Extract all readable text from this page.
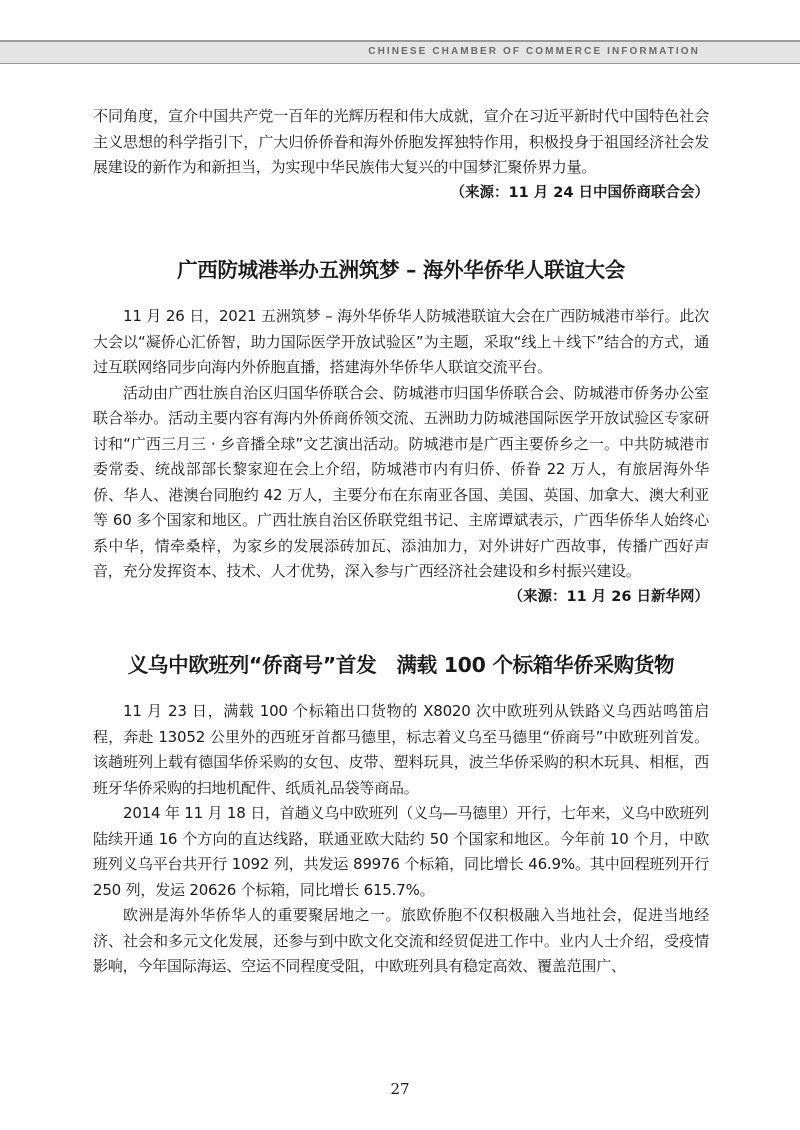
CHINESE CHAMBER OF COMMERCE INFORMATION

不同角度，宣介中国共产党一百年的光辉历程和伟大成就，宣介在习近平新时代中国特色社会主义思想的科学指引下，广大归侨侨眷和海外侨胞发挥独特作用，积极投身于祖国经济社会发展建设的新作为和新担当，为实现中华民族伟大复兴的中国梦汇聚侨界力量。

（来源：11 月 24 日中国侨商联合会）

广西防城港举办五洲筑梦 – 海外华侨华人联谊大会

11 月 26 日，2021 五洲筑梦 – 海外华侨华人防城港联谊大会在广西防城港市举行。此次大会以“凝侨心汇侨智，助力国际医学开放试验区”为主题，采取“线上＋线下”结合的方式，通过互联网络同步向海内外侨胞直播，搭建海外华侨华人联谊交流平台。

活动由广西壮族自治区归国华侨联合会、防城港市归国华侨联合会、防城港市侨务办公室联合举办。活动主要内容有海内外侨商侨领交流、五洲助力防城港国际医学开放试验区专家研讨和“广西三月三 · 乡音播全球”文艺演出活动。防城港市是广西主要侨乡之一。中共防城港市委常委、统战部部长黎家迎在会上介绍，防城港市内有归侨、侨眷 22 万人，有旅居海外华侨、华人、港澳台同胞约 42 万人，主要分布在东南亚各国、美国、英国、加拿大、澳大利亚等 60 多个国家和地区。广西壮族自治区侨联党组书记、主席谭斌表示，广西华侨华人始终心系中华，情牵桑梓，为家乡的发展添砖加瓦、添油加力，对外讲好广西故事，传播广西好声音，充分发挥资本、技术、人才优势，深入参与广西经济社会建设和乡村振兴建设。

（来源：11 月 26 日新华网）

义乌中欧班列“侨商号”首发　满载 100 个标箱华侨采购货物

11 月 23 日，满载 100 个标箱出口货物的 X8020 次中欧班列从铁路义乌西站鸣笛启程，奔赴 13052 公里外的西班牙首都马德里，标志着义乌至马德里“侨商号”中欧班列首发。该趟班列上载有德国华侨采购的女包、皮带、塑料玩具，波兰华侨采购的积木玩具、相框，西班牙华侨采购的扫地机配件、纸质礼品袋等商品。

2014 年 11 月 18 日，首趟义乌中欧班列（义乌—马德里）开行，七年来，义乌中欧班列陆续开通 16 个方向的直达线路，联通亚欧大陆约 50 个国家和地区。今年前 10 个月，中欧班列义乌平台共开行 1092 列，共发运 89976 个标箱，同比增长 46.9%。其中回程班列开行 250 列，发运 20626 个标箱，同比增长 615.7%。

欧洲是海外华侨华人的重要聚居地之一。旅欧侨胞不仅积极融入当地社会，促进当地经济、社会和多元文化发展，还参与到中欧文化交流和经贸促进工作中。业内人士介绍，受疫情影响，今年国际海运、空运不同程度受阻，中欧班列具有稳定高效、覆盖范围广、

27
